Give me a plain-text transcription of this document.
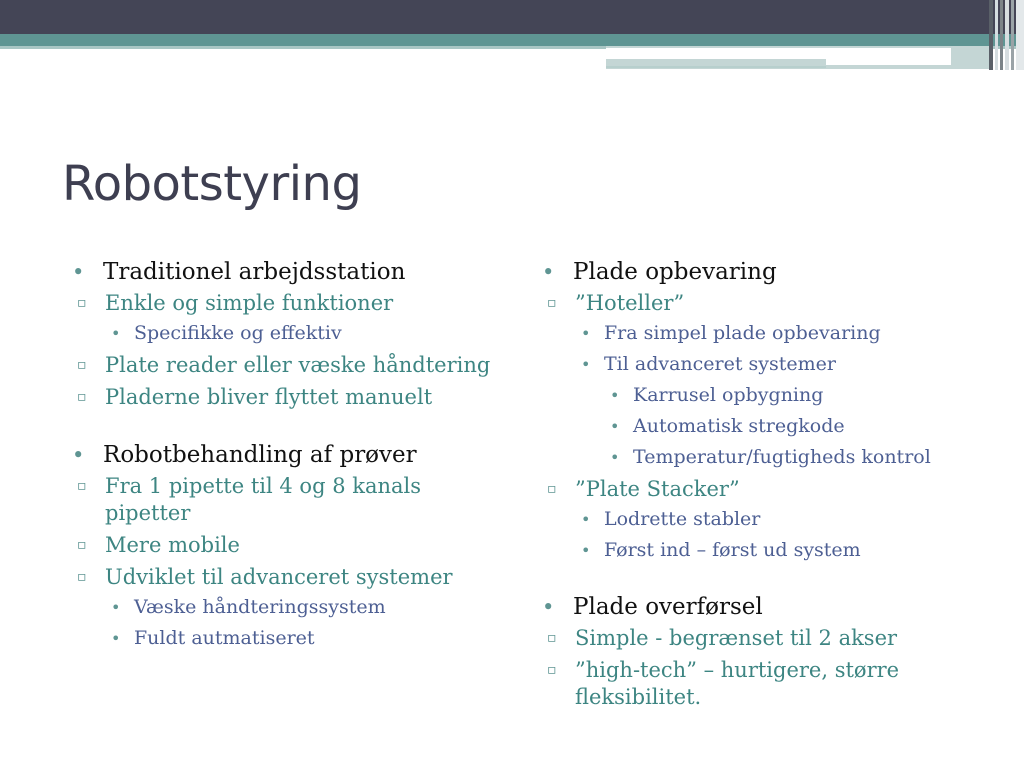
Robotstyring
• Traditionel arbejdsstation
▫ Enkle og simple funktioner
• Specifikke og effektiv
▫ Plate reader eller væske håndtering
▫ Pladerne bliver flyttet manuelt
• Robotbehandling af prøver
▫ Fra 1 pipette til 4 og 8 kanals pipetter
▫ Mere mobile
▫ Udviklet til advanceret systemer
• Væske håndteringssystem
• Fuldt autmatiseret
• Plade opbevaring
▫ ”Hoteller”
• Fra simpel plade opbevaring
• Til advanceret systemer
• Karrusel opbygning
• Automatisk stregkode
• Temperatur/fugtigheds kontrol
▫ ”Plate Stacker”
• Lodrette stabler
• Først ind – først ud system
• Plade overførsel
▫ Simple - begrænset til 2 akser
▫ ”high-tech” – hurtigere, større fleksibilitet.
